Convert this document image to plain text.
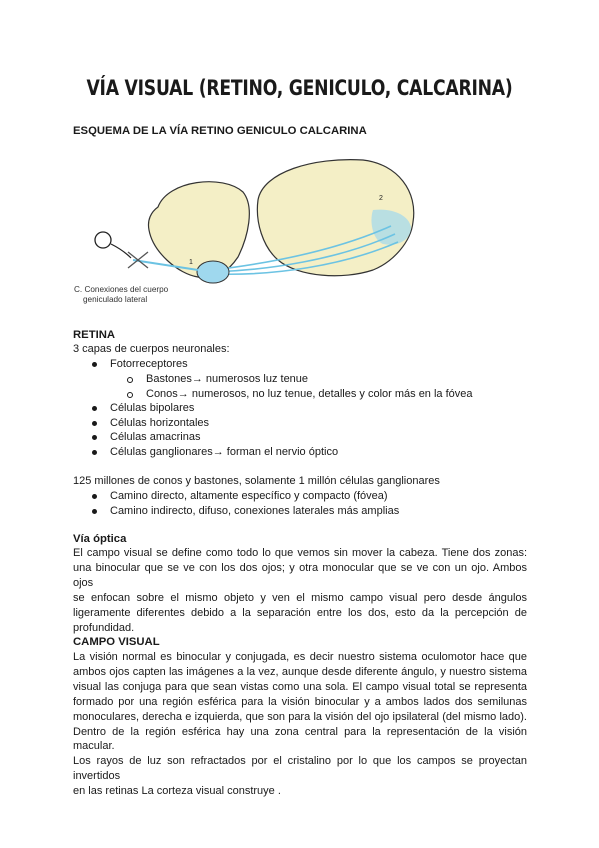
VÍA VISUAL (RETINO, GENICULO, CALCARINA)
ESQUEMA DE LA VÍA RETINO GENICULO CALCARINA
1
2
C. Conexiones del cuerpo
geniculado lateral
RETINA
3 capas de cuerpos neuronales:
Fotorreceptores
Bastones→ numerosos luz tenue
Conos→ numerosos, no luz tenue, detalles y color más en la fóvea
Células bipolares
Células horizontales
Células amacrinas
Células ganglionares→ forman el nervio óptico
125 millones de conos y bastones, solamente 1 millón células ganglionares
Camino directo, altamente específico y compacto (fóvea)
Camino indirecto, difuso, conexiones laterales más amplias
Vía óptica
El campo visual se define como todo lo que vemos sin mover la cabeza. Tiene dos zonas:
una binocular que se ve con los dos ojos; y otra monocular que se ve con un ojo. Ambos ojos
se enfocan sobre el mismo objeto y ven el mismo campo visual pero desde ángulos
ligeramente diferentes debido a la separación entre los dos, esto da la percepción de
profundidad.
CAMPO VISUAL
La visión normal es binocular y conjugada, es decir nuestro sistema oculomotor hace que
ambos ojos capten las imágenes a la vez, aunque desde diferente ángulo, y nuestro sistema
visual las conjuga para que sean vistas como una sola. El campo visual total se representa
formado por una región esférica para la visión binocular y a ambos lados dos semilunas
monoculares, derecha e izquierda, que son para la visión del ojo ipsilateral (del mismo lado).
Dentro de la región esférica hay una zona central para la representación de la visión macular.
Los rayos de luz son refractados por el cristalino por lo que los campos se proyectan invertidos
en las retinas La corteza visual construye .
